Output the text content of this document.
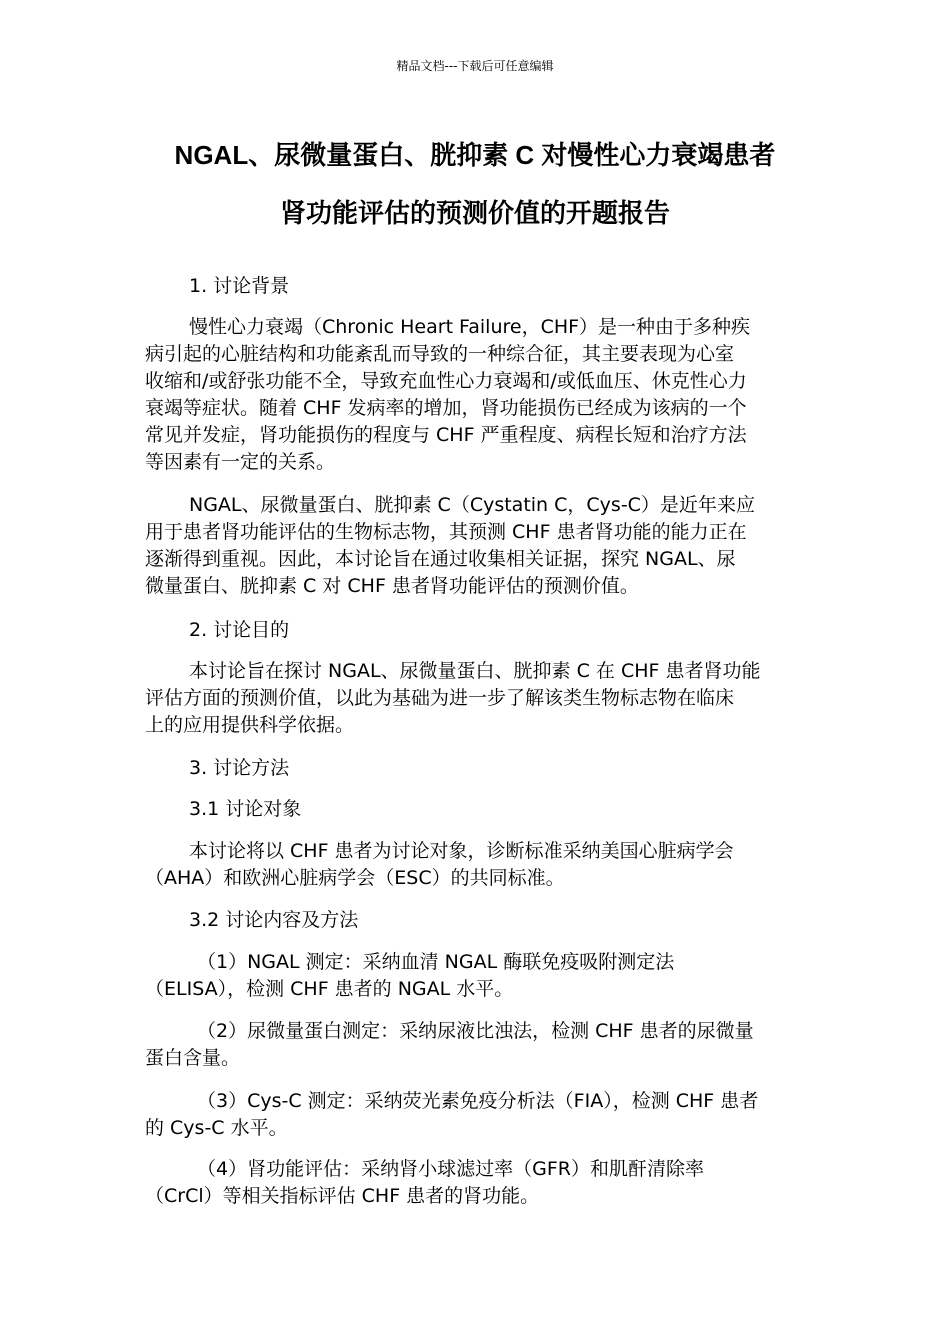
精品文档---下载后可任意编辑
NGAL、尿微量蛋白、胱抑素 C 对慢性心力衰竭患者
肾功能评估的预测价值的开题报告
1. 讨论背景
慢性心力衰竭（Chronic Heart Failure，CHF）是一种由于多种疾
病引起的心脏结构和功能紊乱而导致的一种综合征，其主要表现为心室
收缩和/或舒张功能不全，导致充血性心力衰竭和/或低血压、休克性心力
衰竭等症状。随着 CHF 发病率的增加，肾功能损伤已经成为该病的一个
常见并发症，肾功能损伤的程度与 CHF 严重程度、病程长短和治疗方法
等因素有一定的关系。
NGAL、尿微量蛋白、胱抑素 C（Cystatin C，Cys-C）是近年来应
用于患者肾功能评估的生物标志物，其预测 CHF 患者肾功能的能力正在
逐渐得到重视。因此，本讨论旨在通过收集相关证据，探究 NGAL、尿
微量蛋白、胱抑素 C 对 CHF 患者肾功能评估的预测价值。
2. 讨论目的
本讨论旨在探讨 NGAL、尿微量蛋白、胱抑素 C 在 CHF 患者肾功能
评估方面的预测价值，以此为基础为进一步了解该类生物标志物在临床
上的应用提供科学依据。
3. 讨论方法
3.1 讨论对象
本讨论将以 CHF 患者为讨论对象，诊断标准采纳美国心脏病学会
（AHA）和欧洲心脏病学会（ESC）的共同标准。
3.2 讨论内容及方法
（1）NGAL 测定：采纳血清 NGAL 酶联免疫吸附测定法
（ELISA），检测 CHF 患者的 NGAL 水平。
（2）尿微量蛋白测定：采纳尿液比浊法，检测 CHF 患者的尿微量
蛋白含量。
（3）Cys-C 测定：采纳荧光素免疫分析法（FIA），检测 CHF 患者
的 Cys-C 水平。
（4）肾功能评估：采纳肾小球滤过率（GFR）和肌酐清除率
（CrCl）等相关指标评估 CHF 患者的肾功能。
